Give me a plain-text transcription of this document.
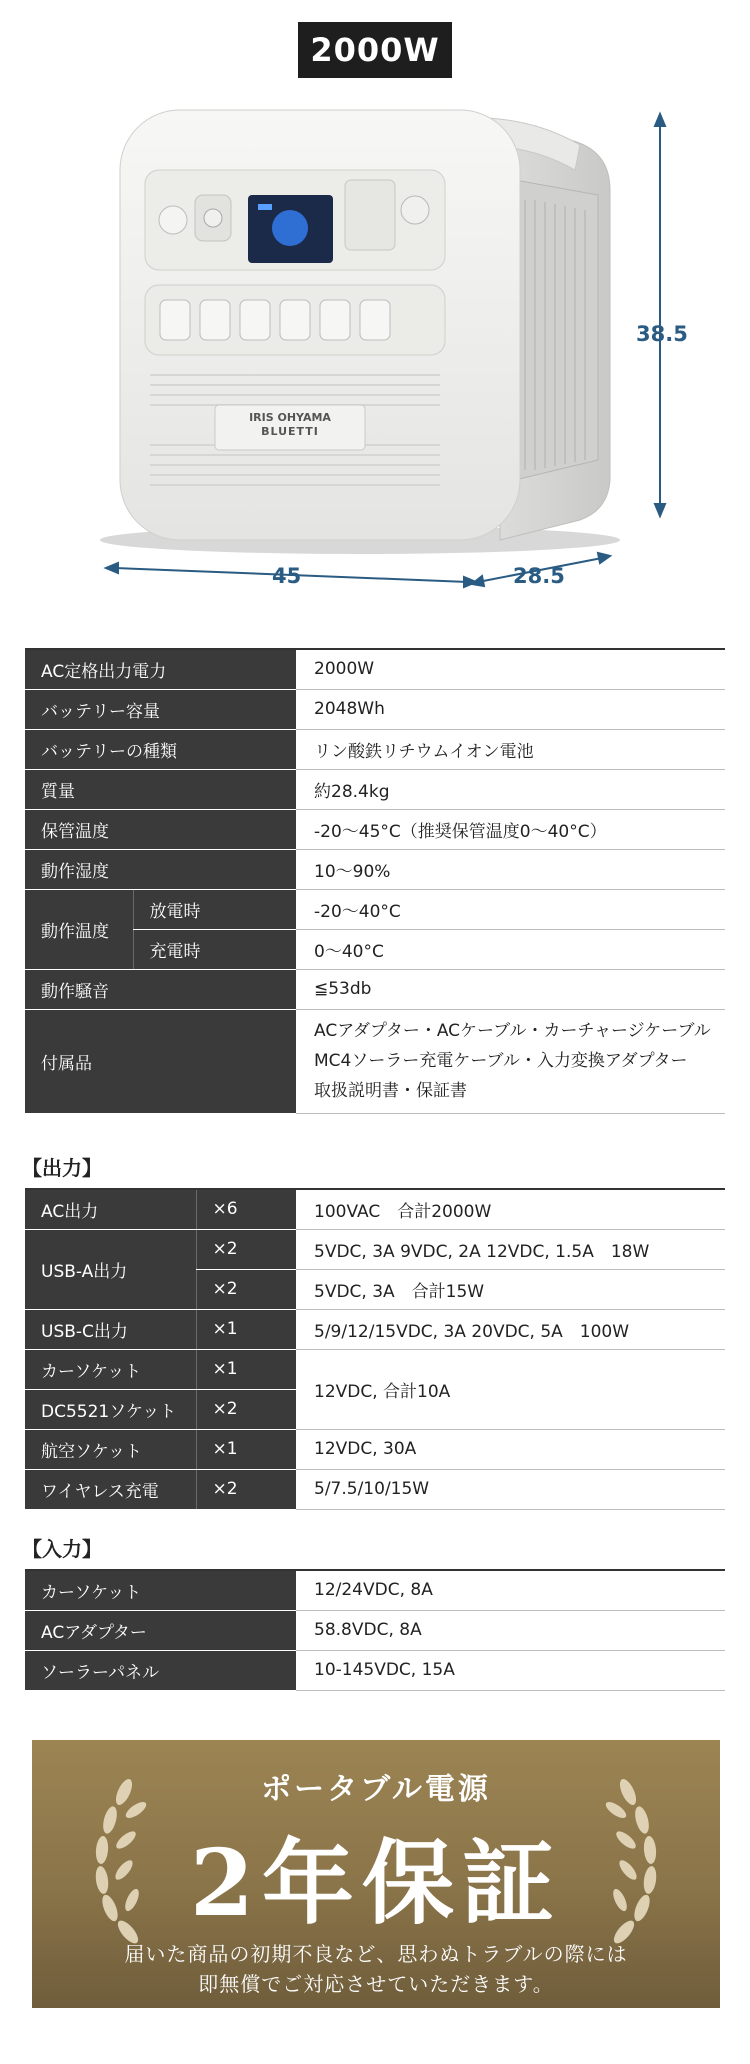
2000W
IRIS OHYAMA
BLUETTI
38.5
45	28.5
AC定格出力電力		2000W
バッテリー容量		2048Wh
バッテリーの種類		リン酸鉄リチウムイオン電池
質量		約28.4kg
保管温度		-20〜45°C（推奨保管温度0〜40°C）
動作湿度		10〜90%
動作温度	放電時	-20〜40°C
	充電時	0〜40°C
動作騒音		≦53db
付属品		ACアダプター・ACケーブル・カーチャージケーブル
MC4ソーラー充電ケーブル・入力変換アダプター
取扱説明書・保証書
【出力】
AC出力	×6	100VAC　合計2000W
USB-A出力	×2	5VDC, 3A 9VDC, 2A 12VDC, 1.5A　18W
	×2	5VDC, 3A　合計15W
USB-C出力	×1	5/9/12/15VDC, 3A 20VDC, 5A　100W
カーソケット	×1	12VDC, 合計10A
DC5521ソケット	×2	
航空ソケット	×1	12VDC, 30A
ワイヤレス充電	×2	5/7.5/10/15W
【入力】
カーソケット	12/24VDC, 8A
ACアダプター	58.8VDC, 8A
ソーラーパネル	10-145VDC, 15A
ポータブル電源
2年保証
届いた商品の初期不良など、思わぬトラブルの際には
即無償でご対応させていただきます。
